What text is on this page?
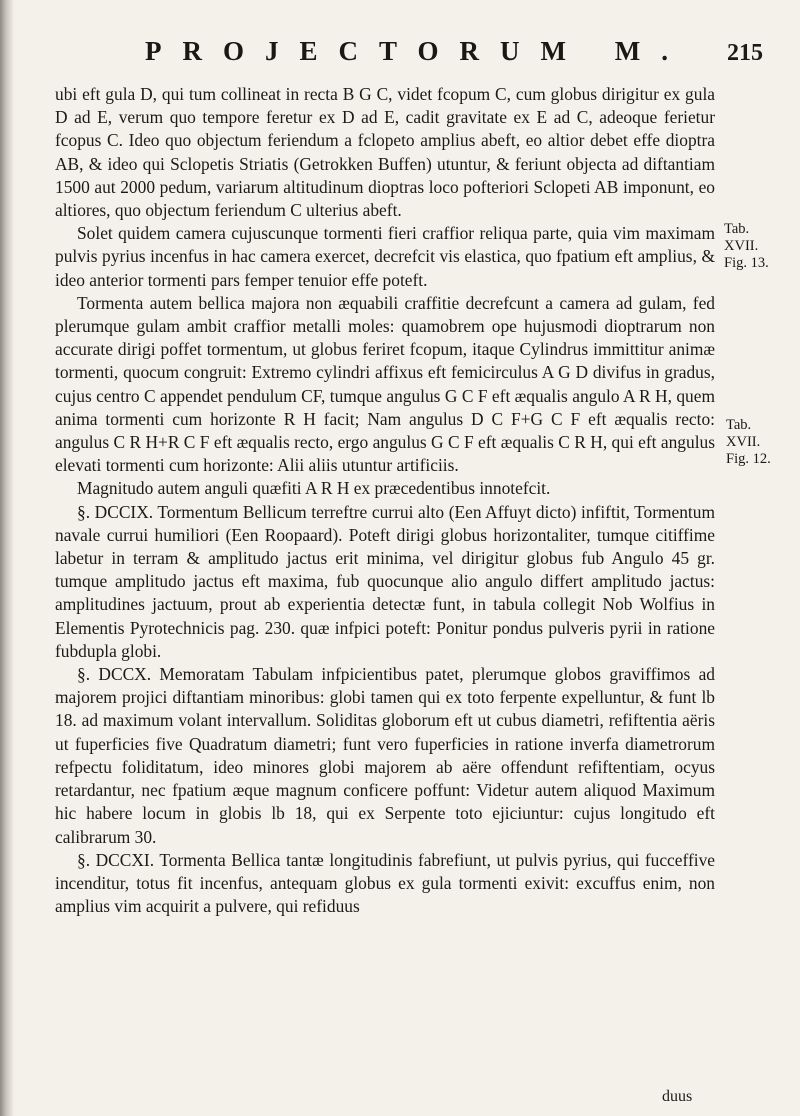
PROJECTORUM M. 215
Tab. XVII. Fig. 13.
Tab. XVII. Fig. 12.

ubi eft gula D, qui tum collineat in recta B G C, videt fcopum C, cum globus dirigitur ex gula D ad E, verum quo tempore feretur ex D ad E, cadit gravitate ex E ad C, adeoque ferietur fcopus C. Ideo quo objectum feriendum a fclopeto amplius abeft, eo altior debet effe dioptra AB, & ideo qui Sclopetis Striatis (Getrokken Buffen) utuntur, & feriunt objecta ad diftantiam 1500 aut 2000 pedum, variarum altitudinum dioptras loco pofteriori Sclopeti AB imponunt, eo altiores, quo objectum feriendum C ulterius abeft.

Solet quidem camera cujuscunque tormenti fieri craffior reliqua parte, quia vim maximam pulvis pyrius incenfus in hac camera exercet, decrefcit vis elastica, quo fpatium eft amplius, & ideo anterior tormenti pars femper tenuior effe poteft.

Tormenta autem bellica majora non æquabili craffitie decrefcunt a camera ad gulam, fed plerumque gulam ambit craffior metalli moles: quamobrem ope hujusmodi dioptrarum non accurate dirigi poffet tormentum, ut globus feriret fcopum, itaque Cylindrus immittitur animæ tormenti, quocum congruit: Extremo cylindri affixus eft femicirculus A G D divifus in gradus, cujus centro C appendet pendulum CF, tumque angulus G C F eft æqualis angulo A R H, quem anima tormenti cum horizonte R H facit; Nam angulus D C F+G C F eft æqualis recto: angulus C R H+R C F eft æqualis recto, ergo angulus G C F eft æqualis C R H, qui eft angulus elevati tormenti cum horizonte: Alii aliis utuntur artificiis.

Magnitudo autem anguli quæfiti A R H ex præcedentibus innotefcit.

§. DCCIX. Tormentum Bellicum terreftre currui alto (Een Affuyt dicto) infiftit, Tormentum navale currui humiliori (Een Roopaard). Poteft dirigi globus horizontaliter, tumque citiffime labetur in terram & amplitudo jactus erit minima, vel dirigitur globus fub Angulo 45 gr. tumque amplitudo jactus eft maxima, fub quocunque alio angulo differt amplitudo jactus: amplitudines jactuum, prout ab experientia detectæ funt, in tabula collegit Nob Wolfius in Elementis Pyrotechnicis pag. 230. quæ infpici poteft: Ponitur pondus pulveris pyrii in ratione fubdupla globi.

§. DCCX. Memoratam Tabulam infpicientibus patet, plerumque globos graviffimos ad majorem projici diftantiam minoribus: globi tamen qui ex toto ferpente expelluntur, & funt lb 18. ad maximum volant intervallum. Soliditas globorum eft ut cubus diametri, refiftentia aëris ut fuperficies five Quadratum diametri; funt vero fuperficies in ratione inverfa diametrorum refpectu foliditatum, ideo minores globi majorem ab aëre offendunt refiftentiam, ocyus retardantur, nec fpatium æque magnum conficere poffunt: Videtur autem aliquod Maximum hic habere locum in globis lb 18, qui ex Serpente toto ejiciuntur: cujus longitudo eft calibrarum 30.

§. DCCXI. Tormenta Bellica tantæ longitudinis fabrefiunt, ut pulvis pyrius, qui fucceffive incenditur, totus fit incenfus, antequam globus ex gula tormenti exivit: excuffus enim, non amplius vim acquirit a pulvere, qui refiduus

duus
